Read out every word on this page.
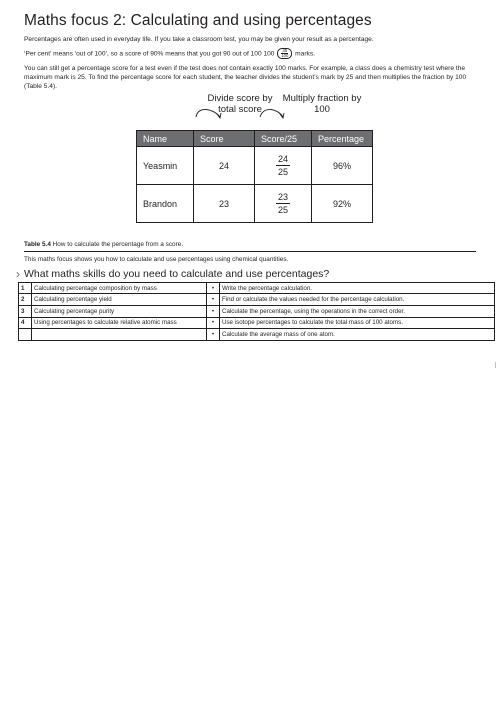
Maths focus 2: Calculating and using percentages

Percentages are often used in everyday life. If you take a classroom test, you may be given your result as a percentage.

‘Per cent’ means ‘out of 100’, so a score of 90% means that you got 90 out of 100 $100 \frac{45}{100}$ marks.

You can still get a percentage score for a test even if the test does not contain exactly 100 marks. For example, a class does a chemistry test where the maximum mark is 25. To find the percentage score for each student, the teacher divides the student’s mark by 25 and then multiplies the fraction by 100 (Table 5.4).

Divide score by total score
Multiply fraction by 100
Name	Score	Score/25	Percentage
Yeasmin	24	$\frac{24}{25}$	96%
Brandon	23	$\frac{23}{25}$	92%
Table 5.4 How to calculate the percentage from a score.

This maths focus shows you how to calculate and use percentages using chemical quantities.

› What maths skills do you need to calculate and use percentages?
1	Calculating percentage composition by mass	•	Write the percentage calculation.
2	Calculating percentage yield	•	Find or calculate the values needed for the percentage calculation.
3	Calculating percentage purity	•	Calculate the percentage, using the operations in the correct order.
4	Using percentages to calculate relative atomic mass	•	Use isotope percentages to calculate the total mass of 100 atoms.
		•	Calculate the average mass of one atom.
